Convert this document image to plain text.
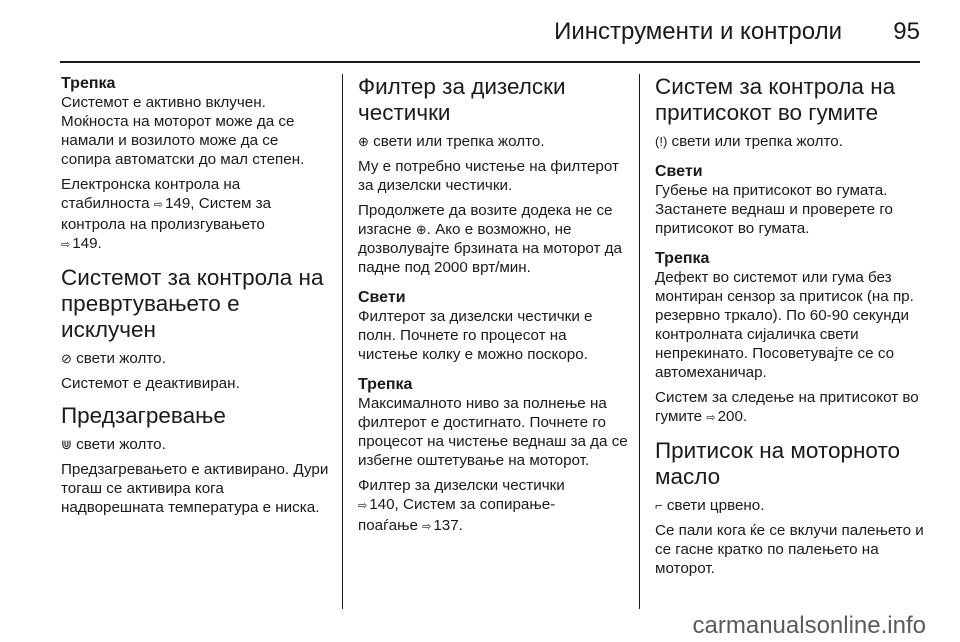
Иинструменти и контроли 95
Трепка

Системот е активно вклучен.

Моќноста на моторот може да се намали и возилото може да се сопира автоматски до мал степен.

Електронска контрола на стабилноста ⇨ 149, Систем за контрола на пролизгувањето
⇨ 149.

Системот за контрола на превртувањето е исклучен

⊘ свети жолто.

Системот е деактивиран.

Предзагревање

⋓ свети жолто.

Предзагревањето е активирано. Дури тогаш се активира кога надворешната температура е ниска.

Филтер за дизелски честички

⊕ свети или трепка жолто.

Му е потребно чистење на филтерот за дизелски честички.

Продолжете да возите додека не се изгасне ⊕. Ако е возможно, не дозволувајте брзината на моторот да падне под 2000 врт/мин.

Свети

Филтерот за дизелски честички е полн. Почнете го процесот на чистење колку е можно поскоро.

Трепка

Максималното ниво за полнење на филтерот е достигнато. Почнете го процесот на чистење веднаш за да се избегне оштетување на моторот.

Филтер за дизелски честички
⇨ 140, Систем за сопирање-
поаѓање ⇨ 137.

Систем за контрола на притисокот во гумите

(!) свети или трепка жолто.

Свети

Губење на притисокот во гумата. Застанете веднаш и проверете го притисокот во гумата.

Трепка

Дефект во системот или гума без монтиран сензор за притисок (на пр. резервно тркало). По 60-90 секунди контролната сијаличка свети непрекинато. Посоветувајте се со автомеханичар.

Систем за следење на притисокот во гумите ⇨ 200.

Притисок на моторното масло

⌐ свети црвено.

Се пали кога ќе се вклучи палењето и се гасне кратко по палењето на моторот.

carmanualsonline.info
